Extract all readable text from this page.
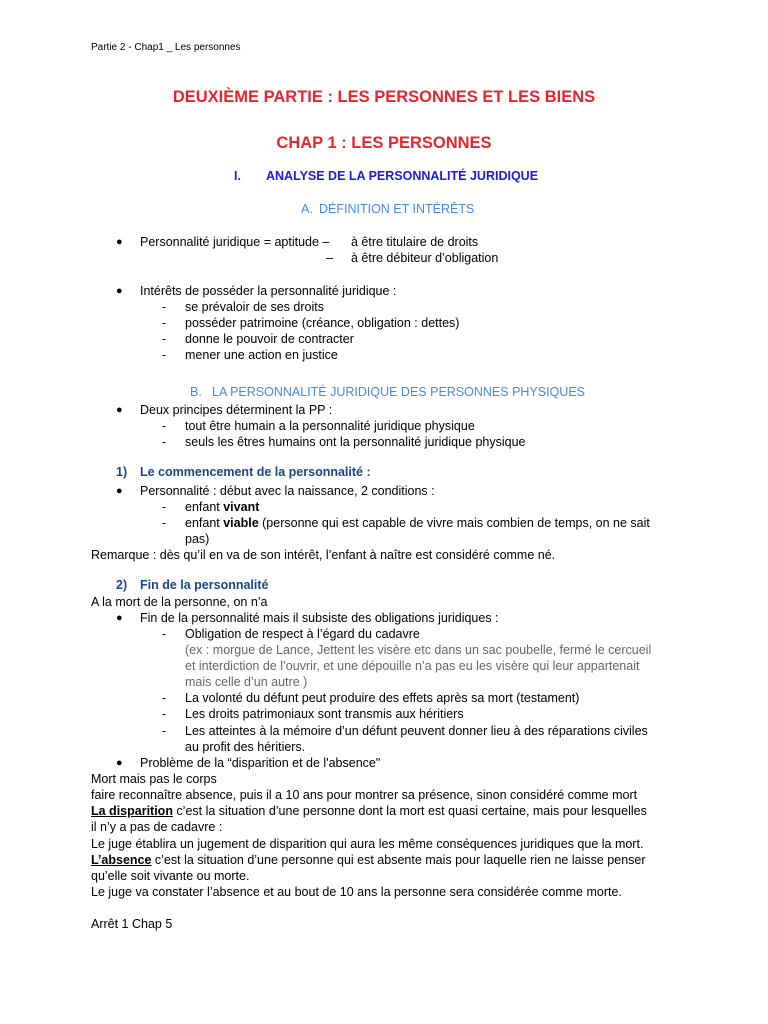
Partie 2 - Chap1 _ Les personnes
DEUXIÈME PARTIE : LES PERSONNES ET LES BIENS
CHAP 1 : LES PERSONNES
I. ANALYSE DE LA PERSONNALITÉ JURIDIQUE
A. DÉFINITION ET INTÉRÊTS
● Personnalité juridique = aptitude – à être titulaire de droits
– à être débiteur d’obligation
● Intérêts de posséder la personnalité juridique :
- se prévaloir de ses droits
- posséder patrimoine (créance, obligation : dettes)
- donne le pouvoir de contracter
- mener une action en justice
B. LA PERSONNALITÉ JURIDIQUE DES PERSONNES PHYSIQUES
● Deux principes déterminent la PP :
- tout être humain a la personnalité juridique physique
- seuls les êtres humains ont la personnalité juridique physique
1) Le commencement de la personnalité :
● Personnalité : début avec la naissance, 2 conditions :
- enfant vivant
- enfant viable (personne qui est capable de vivre mais combien de temps, on ne sait
pas)
Remarque : dès qu’il en va de son intérêt, l’enfant à naître est considéré comme né.
2) Fin de la personnalité
A la mort de la personne, on n’a
● Fin de la personnalité mais il subsiste des obligations juridiques :
- Obligation de respect à l’égard du cadavre
(ex : morgue de Lance, Jettent les visère etc dans un sac poubelle, fermé le cercueil
et interdiction de l’ouvrir, et une dépouille n’a pas eu les visère qui leur appartenait
mais celle d’un autre )
- La volonté du défunt peut produire des effets après sa mort (testament)
- Les droits patrimoniaux sont transmis aux héritiers
- Les atteintes à la mémoire d’un défunt peuvent donner lieu à des réparations civiles
au profit des héritiers.
● Problème de la “disparition et de l'absence"
Mort mais pas le corps
faire reconnaître absence, puis il a 10 ans pour montrer sa présence, sinon considéré comme mort
La disparition c’est la situation d’une personne dont la mort est quasi certaine, mais pour lesquelles
il n’y a pas de cadavre :
Le juge établira un jugement de disparition qui aura les même conséquences juridiques que la mort.
L’absence c’est la situation d’une personne qui est absente mais pour laquelle rien ne laisse penser
qu’elle soit vivante ou morte.
Le juge va constater l’absence et au bout de 10 ans la personne sera considérée comme morte.
Arrêt 1 Chap 5
